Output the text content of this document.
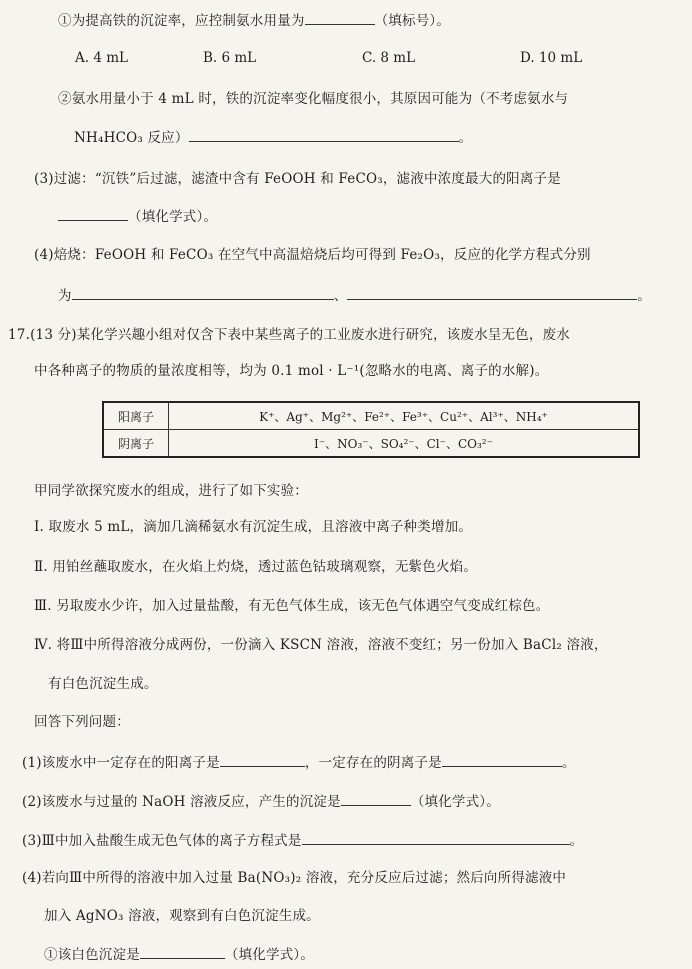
①为提高铁的沉淀率，应控制氨水用量为	（填标号）。
A. 4 mL	B. 6 mL	C. 8 mL	D. 10 mL
②氨水用量小于 4 mL 时，铁的沉淀率变化幅度很小，其原因可能为（不考虑氨水与
NH₄HCO₃ 反应）	。
(3)过滤：“沉铁”后过滤，滤渣中含有 FeOOH 和 FeCO₃，滤液中浓度最大的阳离子是
（填化学式）。
(4)焙烧：FeOOH 和 FeCO₃ 在空气中高温焙烧后均可得到 Fe₂O₃，反应的化学方程式分别
为	、	。
17.(13 分)某化学兴趣小组对仅含下表中某些离子的工业废水进行研究，该废水呈无色，废水
中各种离子的物质的量浓度相等，均为 0.1 mol · L⁻¹(忽略水的电离、离子的水解)。
阳离子	K⁺、Ag⁺、Mg²⁺、Fe²⁺、Fe³⁺、Cu²⁺、Al³⁺、NH₄⁺
阴离子	I⁻、NO₃⁻、SO₄²⁻、Cl⁻、CO₃²⁻
甲同学欲探究废水的组成，进行了如下实验：
Ⅰ. 取废水 5 mL，滴加几滴稀氨水有沉淀生成，且溶液中离子种类增加。
Ⅱ. 用铂丝蘸取废水，在火焰上灼烧，透过蓝色钴玻璃观察，无紫色火焰。
Ⅲ. 另取废水少许，加入过量盐酸，有无色气体生成，该无色气体遇空气变成红棕色。
Ⅳ. 将Ⅲ中所得溶液分成两份，一份滴入 KSCN 溶液，溶液不变红；另一份加入 BaCl₂ 溶液，
有白色沉淀生成。
回答下列问题：
(1)该废水中一定存在的阳离子是	，一定存在的阴离子是	。
(2)该废水与过量的 NaOH 溶液反应，产生的沉淀是	（填化学式）。
(3)Ⅲ中加入盐酸生成无色气体的离子方程式是	。
(4)若向Ⅲ中所得的溶液中加入过量 Ba(NO₃)₂ 溶液，充分反应后过滤；然后向所得滤液中
加入 AgNO₃ 溶液，观察到有白色沉淀生成。
①该白色沉淀是	（填化学式）。
